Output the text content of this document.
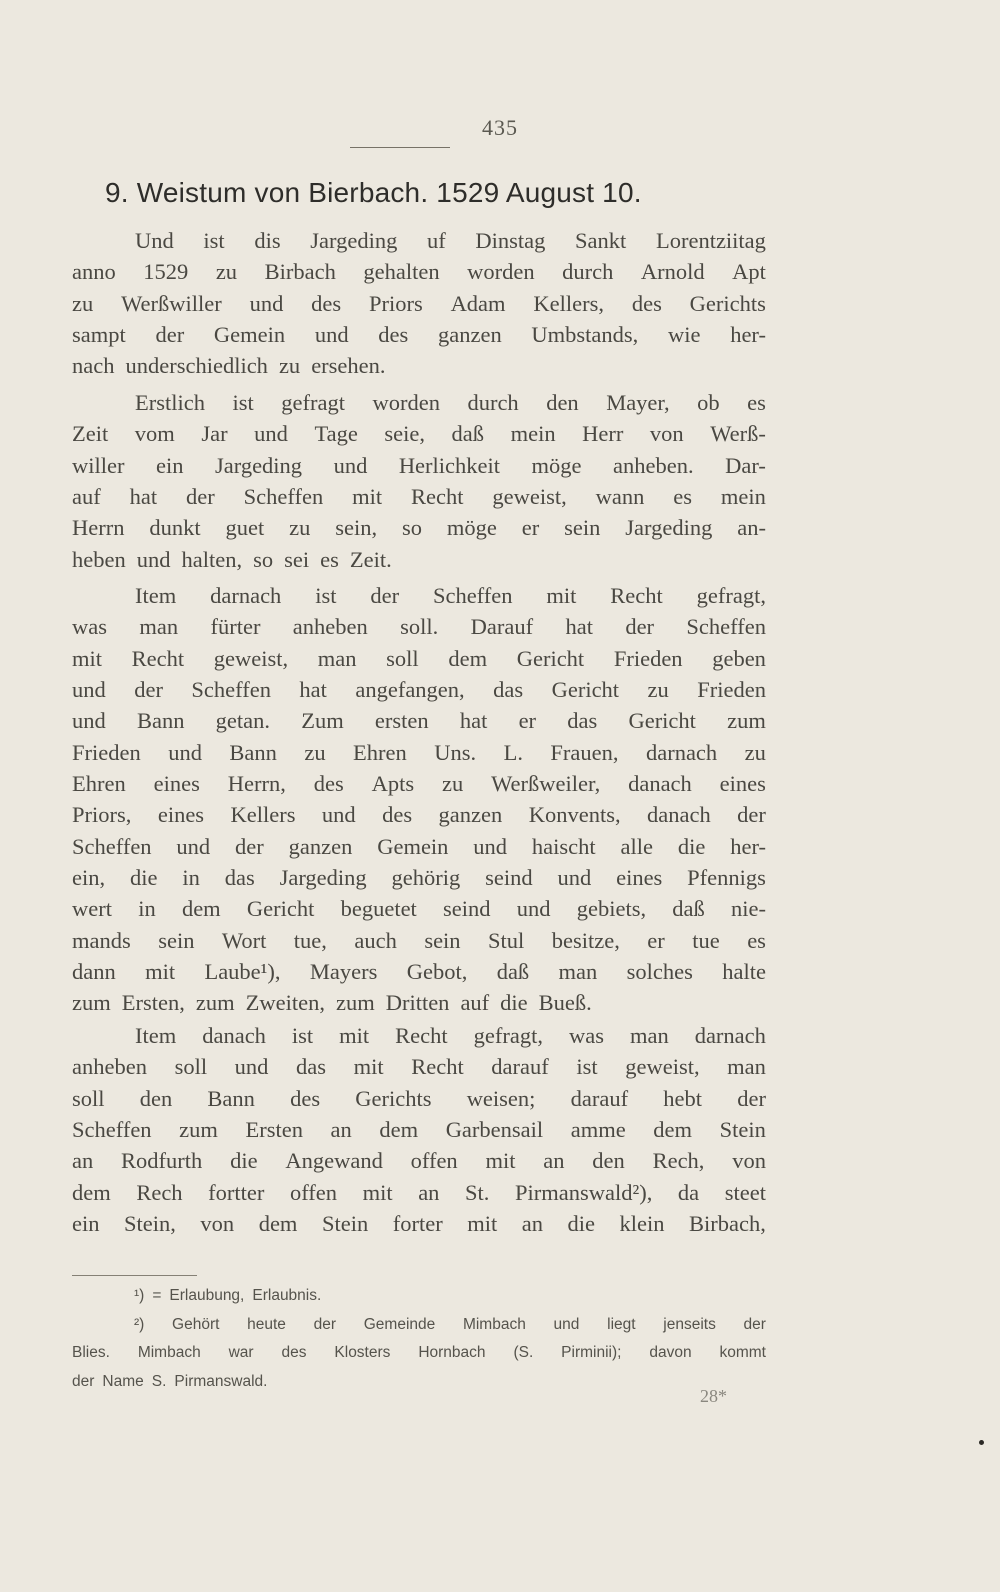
435
9. Weistum von Bierbach. 1529 August 10.
Und ist dis Jargeding uf Dinstag Sankt Lorentziitag
anno 1529 zu Birbach gehalten worden durch Arnold Apt
zu Werßwiller und des Priors Adam Kellers, des Gerichts
sampt der Gemein und des ganzen Umbstands, wie her-
nach underschiedlich zu ersehen.
Erstlich ist gefragt worden durch den Mayer, ob es
Zeit vom Jar und Tage seie, daß mein Herr von Werß-
willer ein Jargeding und Herlichkeit möge anheben. Dar-
auf hat der Scheffen mit Recht geweist, wann es mein
Herrn dunkt guet zu sein, so möge er sein Jargeding an-
heben und halten, so sei es Zeit.
Item darnach ist der Scheffen mit Recht gefragt,
was man fürter anheben soll. Darauf hat der Scheffen
mit Recht geweist, man soll dem Gericht Frieden geben
und der Scheffen hat angefangen, das Gericht zu Frieden
und Bann getan. Zum ersten hat er das Gericht zum
Frieden und Bann zu Ehren Uns. L. Frauen, darnach zu
Ehren eines Herrn, des Apts zu Werßweiler, danach eines
Priors, eines Kellers und des ganzen Konvents, danach der
Scheffen und der ganzen Gemein und haischt alle die her-
ein, die in das Jargeding gehörig seind und eines Pfennigs
wert in dem Gericht beguetet seind und gebiets, daß nie-
mands sein Wort tue, auch sein Stul besitze, er tue es
dann mit Laube¹), Mayers Gebot, daß man solches halte
zum Ersten, zum Zweiten, zum Dritten auf die Bueß.
Item danach ist mit Recht gefragt, was man darnach
anheben soll und das mit Recht darauf ist geweist, man
soll den Bann des Gerichts weisen; darauf hebt der
Scheffen zum Ersten an dem Garbensail amme dem Stein
an Rodfurth die Angewand offen mit an den Rech, von
dem Rech fortter offen mit an St. Pirmanswald²), da steet
ein Stein, von dem Stein forter mit an die klein Birbach,
¹) = Erlaubung, Erlaubnis.
²) Gehört heute der Gemeinde Mimbach und liegt jenseits der
Blies. Mimbach war des Klosters Hornbach (S. Pirminii); davon kommt
der Name S. Pirmanswald.
28*
